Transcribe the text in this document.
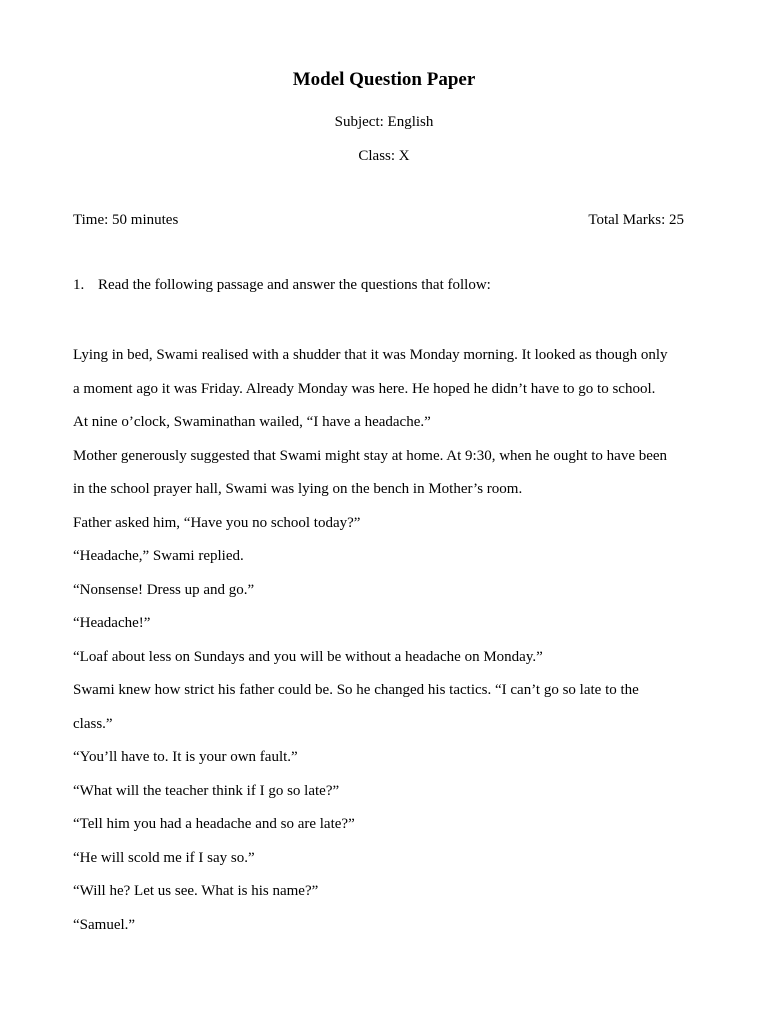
Model Question Paper
Subject: English
Class: X
Time: 50 minutes	Total Marks: 25
1. Read the following passage and answer the questions that follow:

Lying in bed, Swami realised with a shudder that it was Monday morning. It looked as though only

a moment ago it was Friday. Already Monday was here. He hoped he didn’t have to go to school.

At nine o’clock, Swaminathan wailed, “I have a headache.”

Mother generously suggested that Swami might stay at home. At 9:30, when he ought to have been

in the school prayer hall, Swami was lying on the bench in Mother’s room.

Father asked him, “Have you no school today?”

“Headache,” Swami replied.

“Nonsense! Dress up and go.”

“Headache!”

“Loaf about less on Sundays and you will be without a headache on Monday.”

Swami knew how strict his father could be. So he changed his tactics. “I can’t go so late to the

class.”

“You’ll have to. It is your own fault.”

“What will the teacher think if I go so late?”

“Tell him you had a headache and so are late?”

“He will scold me if I say so.”

“Will he? Let us see. What is his name?”

“Samuel.”
